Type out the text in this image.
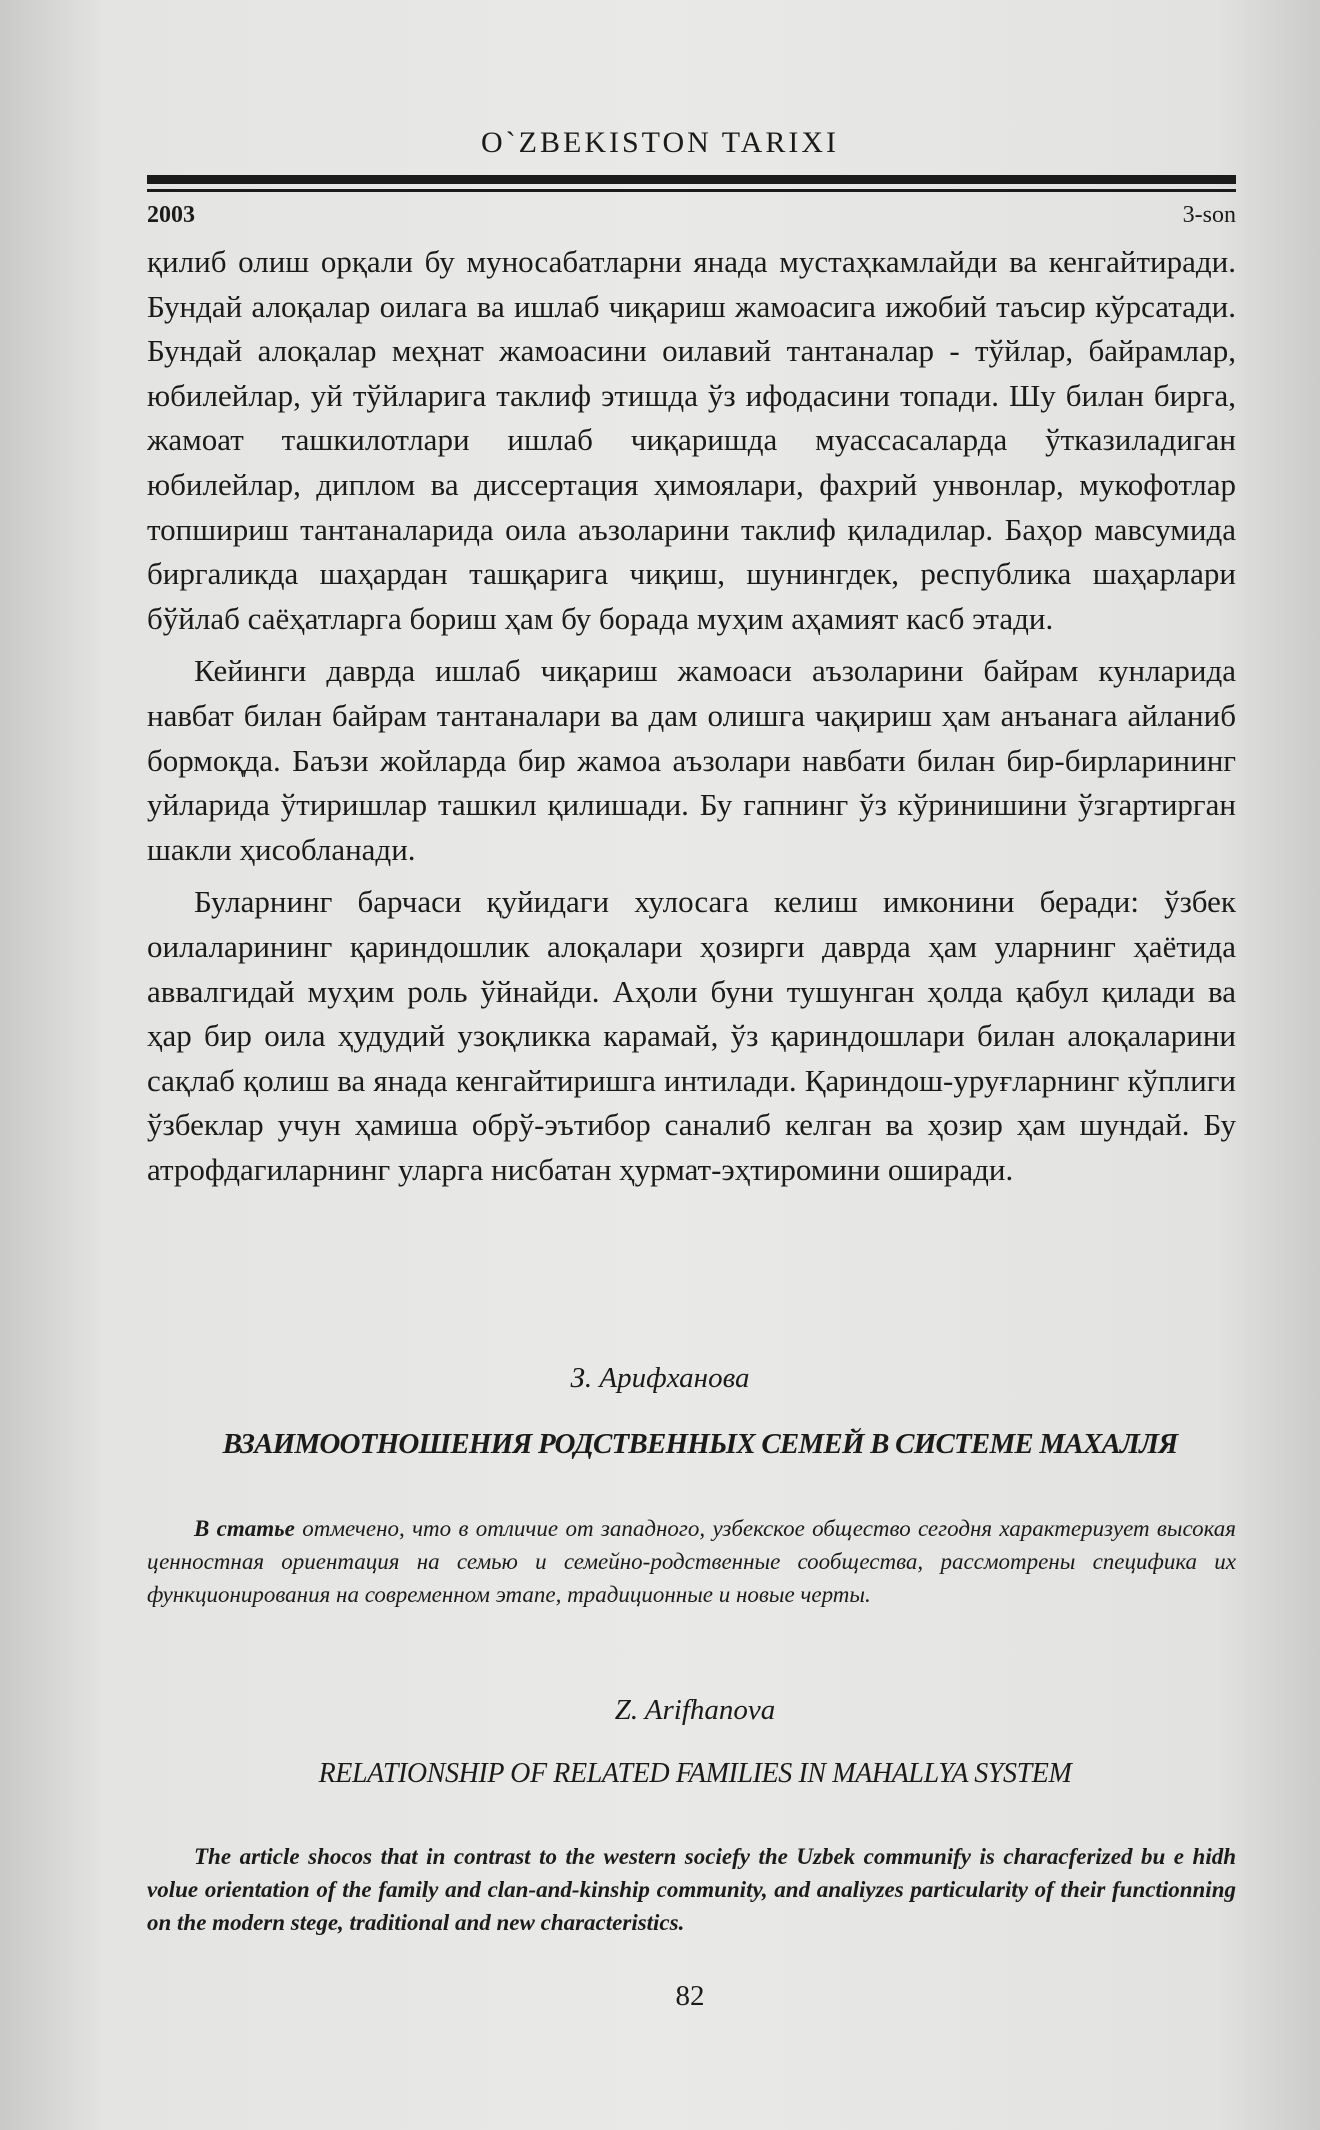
O`ZBEKISTON TARIXI
2003	3-son

қилиб олиш орқали бу муносабатларни янада мустаҳкамлайди ва кенгайтиради. Бундай алоқалар оилага ва ишлаб чиқариш жамоасига ижобий таъсир кўрсатади. Бундай алоқалар меҳнат жамоасини оилавий тантаналар - тўйлар, байрамлар, юбилейлар, уй тўйларига таклиф этишда ўз ифодасини топади. Шу билан бирга, жамоат ташкилотлари ишлаб чиқаришда муассасаларда ўтказиладиган юбилейлар, диплом ва диссертация ҳимоялари, фахрий унвонлар, мукофотлар топшириш тантаналарида оила аъзоларини таклиф қиладилар. Баҳор мавсумида биргаликда шаҳардан ташқарига чиқиш, шунингдек, республика шаҳарлари бўйлаб саёҳатларга бориш ҳам бу борада муҳим аҳамият касб этади.

Кейинги даврда ишлаб чиқариш жамоаси аъзоларини байрам кунларида навбат билан байрам тантаналари ва дам олишга чақириш ҳам анъанага айланиб бормоқда. Баъзи жойларда бир жамоа аъзолари навбати билан бир-бирларининг уйларида ўтиришлар ташкил қилишади. Бу гапнинг ўз кўринишини ўзгартирган шакли ҳисобланади.

Буларнинг барчаси қуйидаги хулосага келиш имконини беради: ўзбек оилаларининг қариндошлик алоқалари ҳозирги даврда ҳам уларнинг ҳаётида аввалгидай муҳим роль ўйнайди. Аҳоли буни тушунган ҳолда қабул қилади ва ҳар бир оила ҳудудий узоқликка карамай, ўз қариндошлари билан алоқаларини сақлаб қолиш ва янада кенгайтиришга интилади. Қариндош-уруғларнинг кўплиги ўзбеклар учун ҳамиша обрў-эътибор саналиб келган ва ҳозир ҳам шундай. Бу атрофдагиларнинг уларга нисбатан ҳурмат-эҳтиромини оширади.

З. Арифханова
ВЗАИМООТНОШЕНИЯ РОДСТВЕННЫХ СЕМЕЙ В СИСТЕМЕ МАХАЛЛЯ
В статье отмечено, что в отличие от западного, узбекское общество сегодня характеризует высокая ценностная ориентация на семью и семейно-родственные сообщества, рассмотрены специфика их функционирования на современном этапе, традиционные и новые черты.
Z. Arifhanova
RELATIONSHIP OF RELATED FAMILIES IN MAHALLYA SYSTEM
The article shocos that in contrast to the western sociefy the Uzbek communify is characferized bu e hidh volue orientation of the family and clan-and-kinship community, and analiyzes particularity of their functionning on the modern stege, traditional and new characteristics.
82
